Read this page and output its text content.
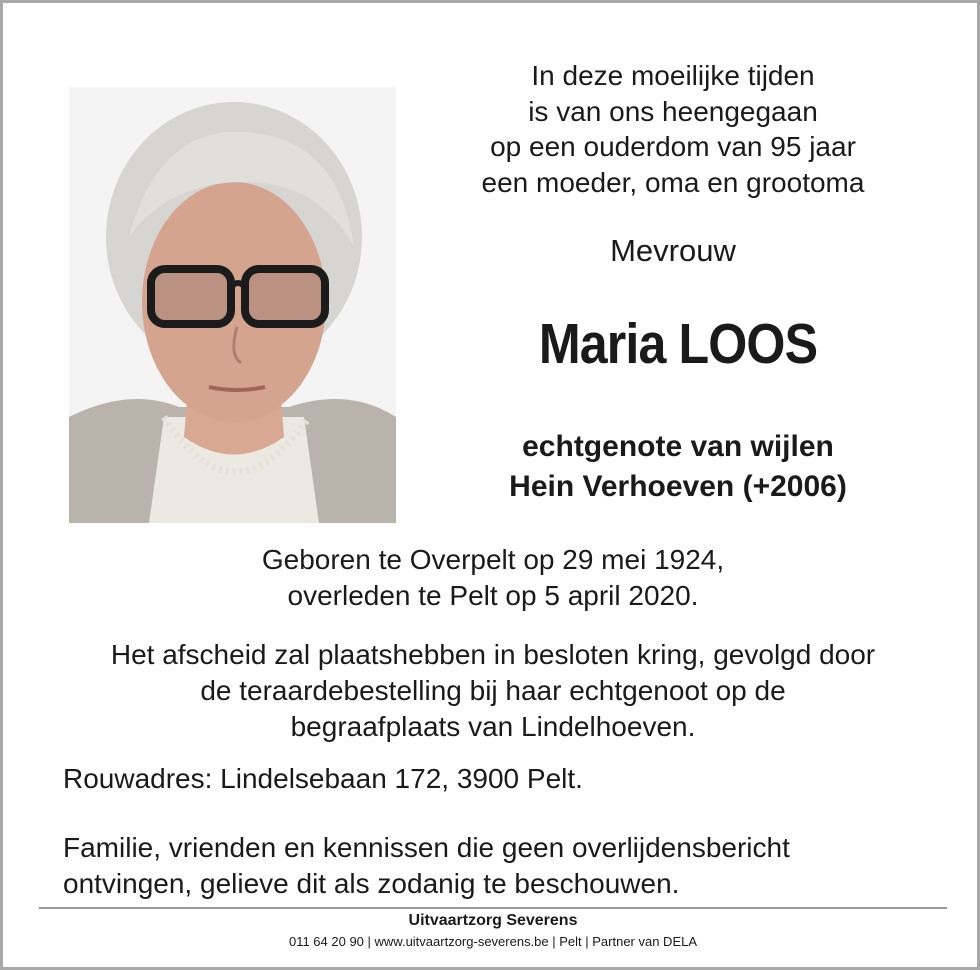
In deze moeilijke tijden
is van ons heengegaan
op een ouderdom van 95 jaar
een moeder, oma en grootoma
Mevrouw
Maria LOOS
echtgenote van wijlen
Hein Verhoeven (+2006)
Geboren te Overpelt op 29 mei 1924,
overleden te Pelt op 5 april 2020.
Het afscheid zal plaatshebben in besloten kring, gevolgd door
de teraardebestelling bij haar echtgenoot op de
begraafplaats van Lindelhoeven.
Rouwadres: Lindelsebaan 172, 3900 Pelt.
Familie, vrienden en kennissen die geen overlijdensbericht
ontvingen, gelieve dit als zodanig te beschouwen.
Uitvaartzorg Severens
011 64 20 90 | www.uitvaartzorg-severens.be | Pelt | Partner van DELA
